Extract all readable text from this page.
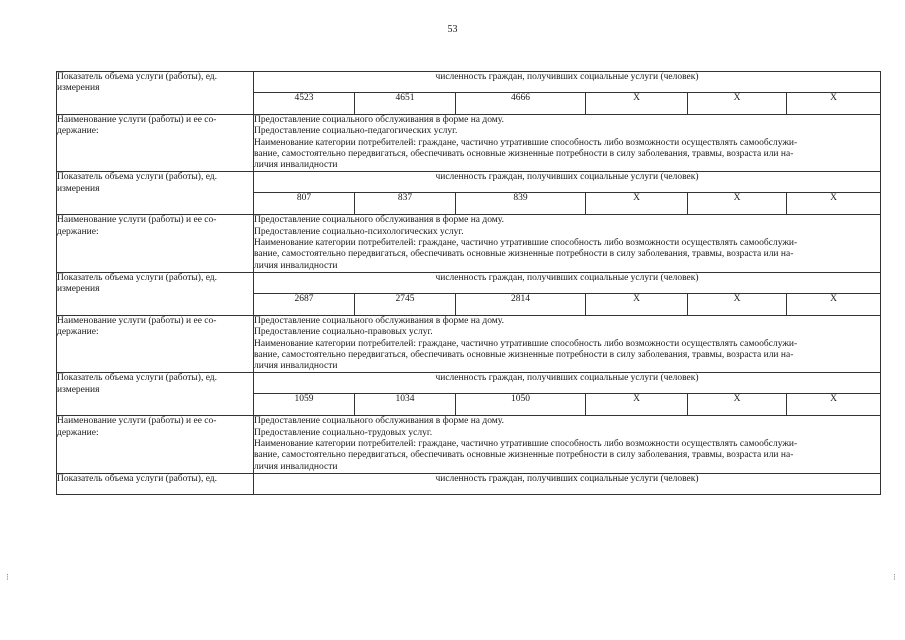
53
Показатель объема услуги (работы), ед. измерения	численность граждан, получивших социальные услуги (человек)					
	4523	4651	4666	X	X	X
Наименование услуги (работы) и ее со-держание:	Предоставление социального обслуживания в форме на дому.
Предоставление социально-педагогических услуг.
Наименование категории потребителей: граждане, частично утратившие способность либо возможности осуществлять самообслужи-
вание, самостоятельно передвигаться, обеспечивать основные жизненные потребности в силу заболевания, травмы, возраста или на-
личия инвалидности					

Показатель объема услуги (работы), ед. измерения	численность граждан, получивших социальные услуги (человек)					
	807	837	839	X	X	X
Наименование услуги (работы) и ее со-держание:	Предоставление социального обслуживания в форме на дому.
Предоставление социально-психологических услуг.
Наименование категории потребителей: граждане, частично утратившие способность либо возможности осуществлять самообслужи-
вание, самостоятельно передвигаться, обеспечивать основные жизненные потребности в силу заболевания, травмы, возраста или на-
личия инвалидности					

Показатель объема услуги (работы), ед. измерения	численность граждан, получивших социальные услуги (человек)					
	2687	2745	2814	X	X	X
Наименование услуги (работы) и ее со-держание:	Предоставление социального обслуживания в форме на дому.
Предоставление социально-правовых услуг.
Наименование категории потребителей: граждане, частично утратившие способность либо возможности осуществлять самообслужи-
вание, самостоятельно передвигаться, обеспечивать основные жизненные потребности в силу заболевания, травмы, возраста или на-
личия инвалидности					

Показатель объема услуги (работы), ед. измерения	численность граждан, получивших социальные услуги (человек)					
	1059	1034	1050	X	X	X
Наименование услуги (работы) и ее со-держание:	Предоставление социального обслуживания в форме на дому.
Предоставление социально-трудовых услуг.
Наименование категории потребителей: граждане, частично утратившие способность либо возможности осуществлять самообслужи-
вание, самостоятельно передвигаться, обеспечивать основные жизненные потребности в силу заболевания, травмы, возраста или на-
личия инвалидности					

Показатель объема услуги (работы), ед.	численность граждан, получивших социальные услуги (человек)					
⁝	⁝
